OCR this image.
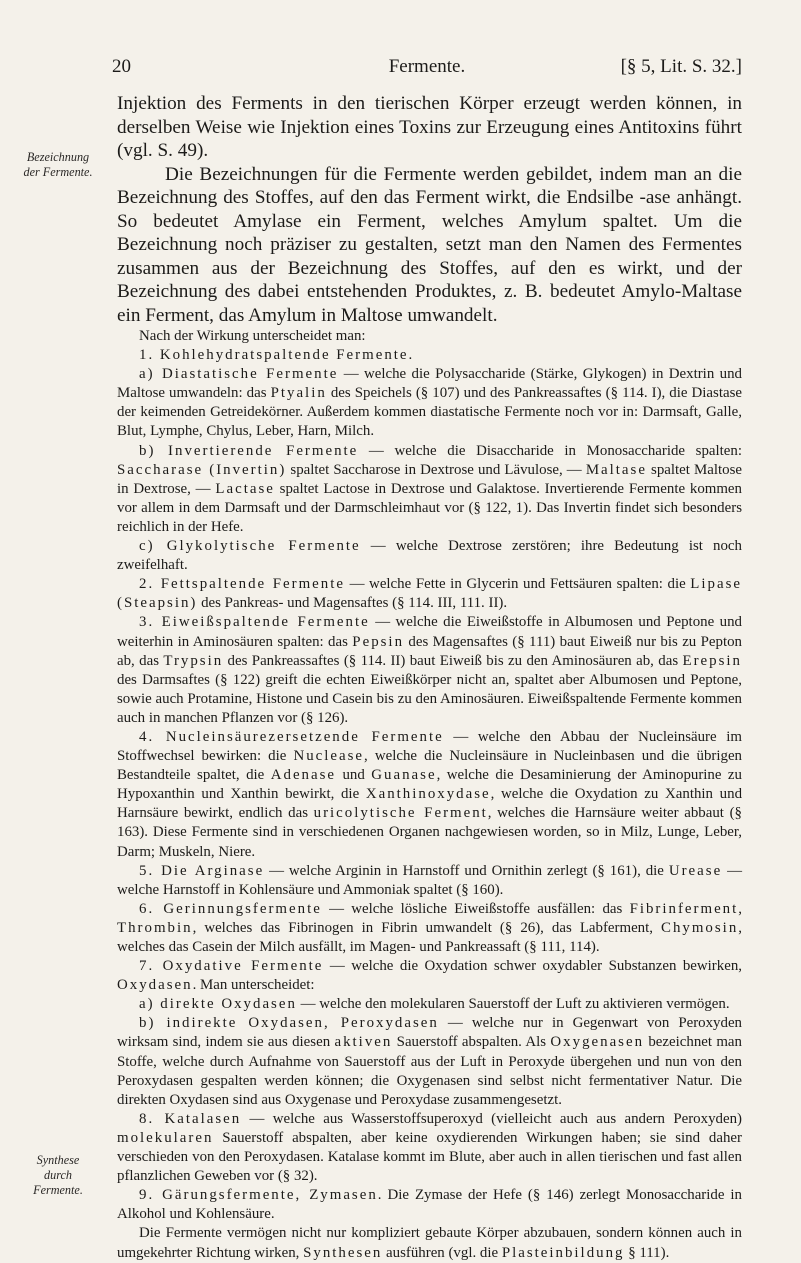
20	Fermente.	[§ 5, Lit. S. 32.]
Bezeichnung
der Fermente.
Synthese
durch
Fermente.

Injektion des Ferments in den tierischen Körper erzeugt werden können, in derselben Weise wie Injektion eines Toxins zur Erzeugung eines Antitoxins führt (vgl. S. 49).

Die Bezeichnungen für die Fermente werden gebildet, indem man an die Bezeichnung des Stoffes, auf den das Ferment wirkt, die Endsilbe -ase anhängt. So bedeutet Amylase ein Ferment, welches Amylum spaltet. Um die Bezeichnung noch präziser zu gestalten, setzt man den Namen des Fermentes zusammen aus der Bezeichnung des Stoffes, auf den es wirkt, und der Bezeichnung des dabei entstehenden Produktes, z. B. bedeutet Amylo-Maltase ein Ferment, das Amylum in Maltose umwandelt.

Nach der Wirkung unterscheidet man:

1. Kohlehydratspaltende Fermente.

a) Diastatische Fermente — welche die Polysaccharide (Stärke, Glykogen) in Dextrin und Maltose umwandeln: das Ptyalin des Speichels (§ 107) und des Pankreassaftes (§ 114. I), die Diastase der keimenden Getreidekörner. Außerdem kommen diastatische Fermente noch vor in: Darmsaft, Galle, Blut, Lymphe, Chylus, Leber, Harn, Milch.

b) Invertierende Fermente — welche die Disaccharide in Monosaccharide spalten: Saccharase (Invertin) spaltet Saccharose in Dextrose und Lävulose, — Maltase spaltet Maltose in Dextrose, — Lactase spaltet Lactose in Dextrose und Galaktose. Invertierende Fermente kommen vor allem in dem Darmsaft und der Darmschleimhaut vor (§ 122, 1). Das Invertin findet sich besonders reichlich in der Hefe.

c) Glykolytische Fermente — welche Dextrose zerstören; ihre Bedeutung ist noch zweifelhaft.

2. Fettspaltende Fermente — welche Fette in Glycerin und Fettsäuren spalten: die Lipase (Steapsin) des Pankreas- und Magensaftes (§ 114. III, 111. II).

3. Eiweißspaltende Fermente — welche die Eiweißstoffe in Albumosen und Peptone und weiterhin in Aminosäuren spalten: das Pepsin des Magensaftes (§ 111) baut Eiweiß nur bis zu Pepton ab, das Trypsin des Pankreassaftes (§ 114. II) baut Eiweiß bis zu den Aminosäuren ab, das Erepsin des Darmsaftes (§ 122) greift die echten Eiweißkörper nicht an, spaltet aber Albumosen und Peptone, sowie auch Protamine, Histone und Casein bis zu den Aminosäuren. Eiweißspaltende Fermente kommen auch in manchen Pflanzen vor (§ 126).

4. Nucleinsäurezersetzende Fermente — welche den Abbau der Nucleinsäure im Stoffwechsel bewirken: die Nuclease, welche die Nucleinsäure in Nucleinbasen und die übrigen Bestandteile spaltet, die Adenase und Guanase, welche die Desaminierung der Aminopurine zu Hypoxanthin und Xanthin bewirkt, die Xanthinoxydase, welche die Oxydation zu Xanthin und Harnsäure bewirkt, endlich das uricolytische Ferment, welches die Harnsäure weiter abbaut (§ 163). Diese Fermente sind in verschiedenen Organen nachgewiesen worden, so in Milz, Lunge, Leber, Darm; Muskeln, Niere.

5. Die Arginase — welche Arginin in Harnstoff und Ornithin zerlegt (§ 161), die Urease — welche Harnstoff in Kohlensäure und Ammoniak spaltet (§ 160).

6. Gerinnungsfermente — welche lösliche Eiweißstoffe ausfällen: das Fibrinferment, Thrombin, welches das Fibrinogen in Fibrin umwandelt (§ 26), das Labferment, Chymosin, welches das Casein der Milch ausfällt, im Magen- und Pankreassaft (§ 111, 114).

7. Oxydative Fermente — welche die Oxydation schwer oxydabler Substanzen bewirken, Oxydasen. Man unterscheidet:

a) direkte Oxydasen — welche den molekularen Sauerstoff der Luft zu aktivieren vermögen.

b) indirekte Oxydasen, Peroxydasen — welche nur in Gegenwart von Peroxyden wirksam sind, indem sie aus diesen aktiven Sauerstoff abspalten. Als Oxygenasen bezeichnet man Stoffe, welche durch Aufnahme von Sauerstoff aus der Luft in Peroxyde übergehen und nun von den Peroxydasen gespalten werden können; die Oxygenasen sind selbst nicht fermentativer Natur. Die direkten Oxydasen sind aus Oxygenase und Peroxydase zusammengesetzt.

8. Katalasen — welche aus Wasserstoffsuperoxyd (vielleicht auch aus andern Peroxyden) molekularen Sauerstoff abspalten, aber keine oxydierenden Wirkungen haben; sie sind daher verschieden von den Peroxydasen. Katalase kommt im Blute, aber auch in allen tierischen und fast allen pflanzlichen Geweben vor (§ 32).

9. Gärungsfermente, Zymasen. Die Zymase der Hefe (§ 146) zerlegt Monosaccharide in Alkohol und Kohlensäure.

Die Fermente vermögen nicht nur kompliziert gebaute Körper abzubauen, sondern können auch in umgekehrter Richtung wirken, Synthesen ausführen (vgl. die Plasteinbildung § 111).
